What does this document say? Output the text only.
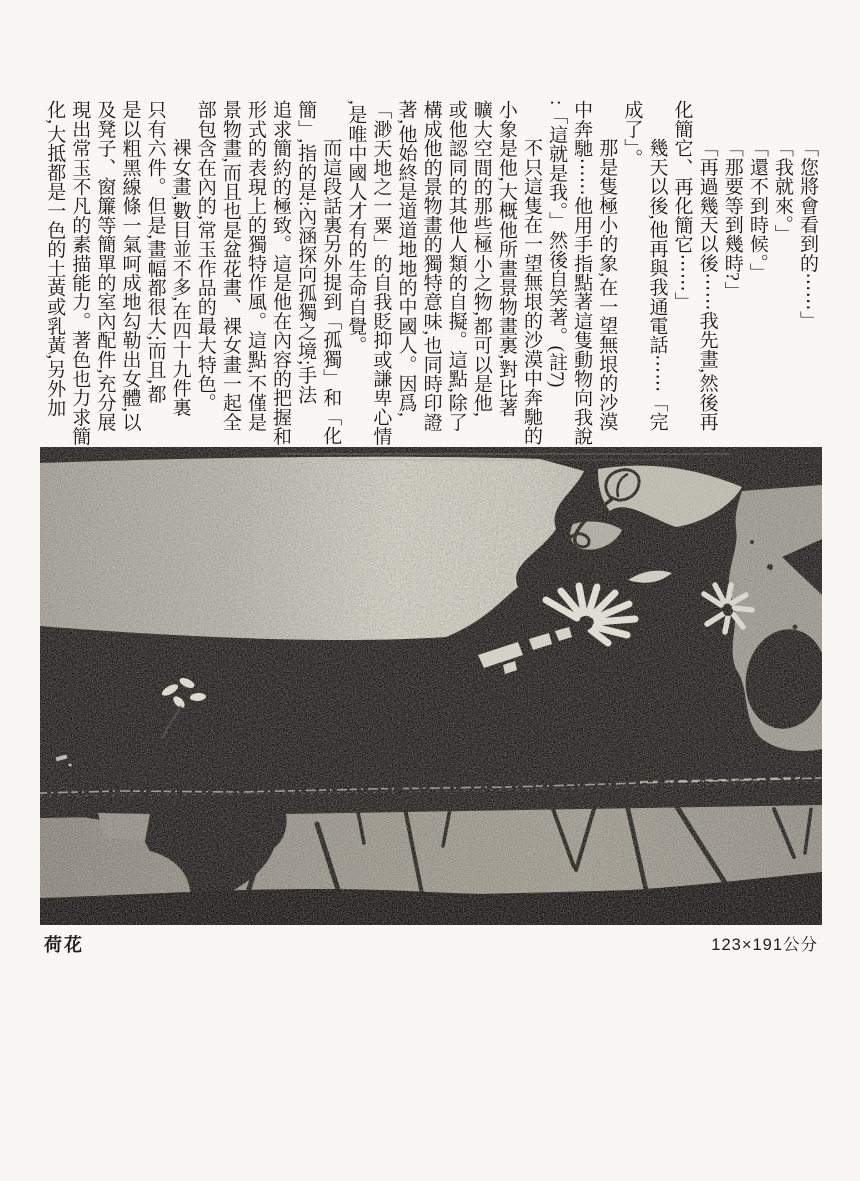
「您將會看到的⋯⋯」
「我就來。」
「還不到時候。」
「那要等到幾時?」
「再過幾天以後⋯⋯我先畫,然後再
化簡它、再化簡它⋯⋯」
幾天以後,他再與我通電話⋯⋯「完
成了」。
那是隻極小的象,在一望無垠的沙漠
中奔馳⋯⋯他用手指點著這隻動物向我說
:「這就是我。」然後自笑著。(註7)
不只這隻在一望無垠的沙漠中奔馳的
小象是他,大概他所畫景物畫裏,對比著
曠大空間的那些極小之物,都可以是他,
或他認同的其他人類的自擬。這點,除了
構成他的景物畫的獨特意味,也同時印證
著,他始終是道道地地的中國人。因爲,
「渺天地之一粟」的自我貶抑或謙卑心情
,是唯中國人才有的生命自覺。
而這段話裏另外提到「孤獨」和「化
簡」,指的是:內涵探向孤獨之境;手法
追求簡約的極致。這是他在內容的把握和
形式的表現上的獨特作風。這點,不僅是
景物畫,而且也是盆花畫、裸女畫一起全
部包含在內的,常玉作品的最大特色。
裸女畫,數目並不多,在四十九件裏
只有六件。但是,畫幅都很大;而且,都
是以粗黑線條一氣呵成地勾勒出女體,以
及凳子、窗簾等簡單的室內配件,充分展
現出常玉不凡的素描能力。著色也力求簡
化,大抵都是一色的土黃或乳黃,另外加
荷花	123×191公分
